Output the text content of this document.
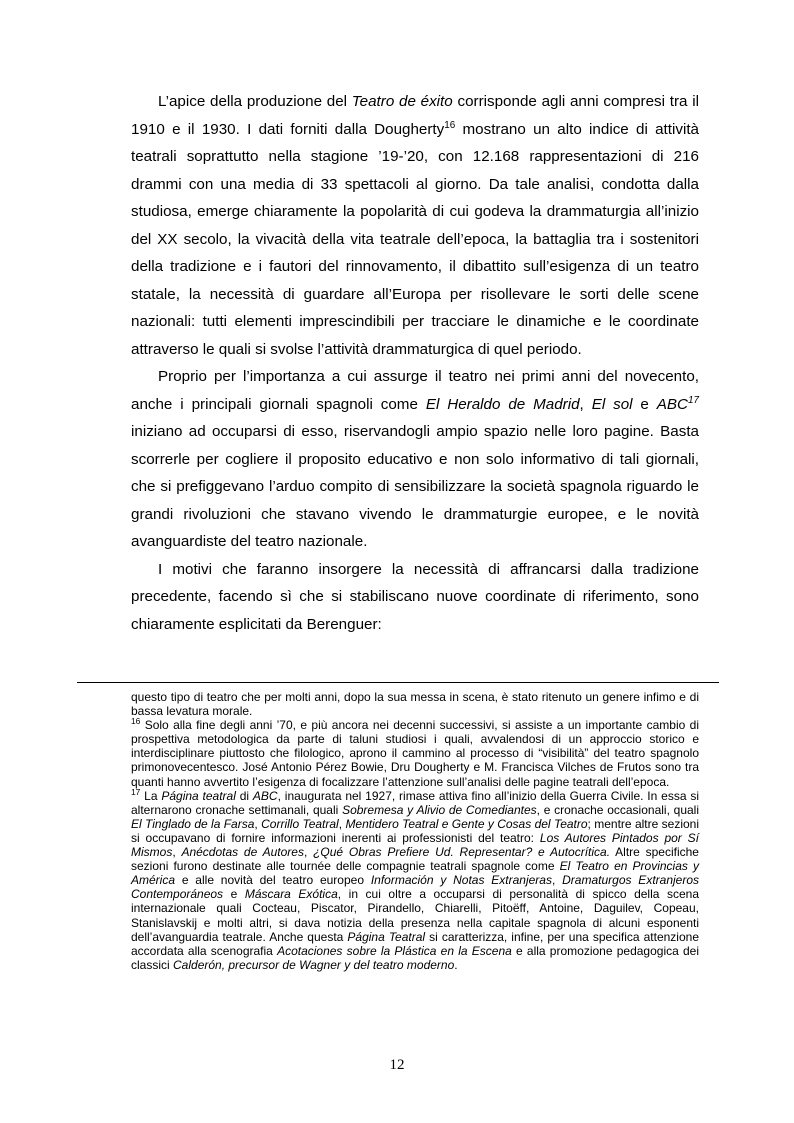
L’apice della produzione del Teatro de éxito corrisponde agli anni compresi tra il 1910 e il 1930. I dati forniti dalla Dougherty$^{16}$ mostrano un alto indice di attività teatrali soprattutto nella stagione ’19-’20, con 12.168 rappresentazioni di 216 drammi con una media di 33 spettacoli al giorno. Da tale analisi, condotta dalla studiosa, emerge chiaramente la popolarità di cui godeva la drammaturgia all’inizio del XX secolo, la vivacità della vita teatrale dell’epoca, la battaglia tra i sostenitori della tradizione e i fautori del rinnovamento, il dibattito sull’esigenza di un teatro statale, la necessità di guardare all’Europa per risollevare le sorti delle scene nazionali: tutti elementi imprescindibili per tracciare le dinamiche e le coordinate attraverso le quali si svolse l’attività drammaturgica di quel periodo.

Proprio per l’importanza a cui assurge il teatro nei primi anni del novecento, anche i principali giornali spagnoli come El Heraldo de Madrid, El sol e ABC$^{17}$ iniziano ad occuparsi di esso, riservandogli ampio spazio nelle loro pagine. Basta scorrerle per cogliere il proposito educativo e non solo informativo di tali giornali, che si prefiggevano l’arduo compito di sensibilizzare la società spagnola riguardo le grandi rivoluzioni che stavano vivendo le drammaturgie europee, e le novità avanguardiste del teatro nazionale.

I motivi che faranno insorgere la necessità di affrancarsi dalla tradizione precedente, facendo sì che si stabiliscano nuove coordinate di riferimento, sono chiaramente esplicitati da Berenguer:

questo tipo di teatro che per molti anni, dopo la sua messa in scena, è stato ritenuto un genere infimo e di bassa levatura morale.

$^{16}$ Solo alla fine degli anni ’70, e più ancora nei decenni successivi, si assiste a un importante cambio di prospettiva metodologica da parte di taluni studiosi i quali, avvalendosi di un approccio storico e interdisciplinare piuttosto che filologico, aprono il cammino al processo di “visibilità” del teatro spagnolo primonovecentesco. José Antonio Pérez Bowie, Dru Dougherty e M. Francisca Vilches de Frutos sono tra quanti hanno avvertito l’esigenza di focalizzare l’attenzione sull’analisi delle pagine teatrali dell’epoca.

$^{17}$ La Página teatral di ABC, inaugurata nel 1927, rimase attiva fino all’inizio della Guerra Civile. In essa si alternarono cronache settimanali, quali Sobremesa y Alivio de Comediantes, e cronache occasionali, quali El Tinglado de la Farsa, Corrillo Teatral, Mentidero Teatral e Gente y Cosas del Teatro; mentre altre sezioni si occupavano di fornire informazioni inerenti ai professionisti del teatro: Los Autores Pintados por Sí Mismos, Anécdotas de Autores, ¿Qué Obras Prefiere Ud. Representar? e Autocrítica. Altre specifiche sezioni furono destinate alle tournée delle compagnie teatrali spagnole come El Teatro en Provincias y América e alle novità del teatro europeo Información y Notas Extranjeras, Dramaturgos Extranjeros Contemporáneos e Máscara Exótica, in cui oltre a occuparsi di personalità di spicco della scena internazionale quali Cocteau, Piscator, Pirandello, Chiarelli, Pitoëff, Antoine, Daguilev, Copeau, Stanislavskij e molti altri, si dava notizia della presenza nella capitale spagnola di alcuni esponenti dell’avanguardia teatrale. Anche questa Página Teatral si caratterizza, infine, per una specifica attenzione accordata alla scenografia Acotaciones sobre la Plástica en la Escena e alla promozione pedagogica dei classici Calderón, precursor de Wagner y del teatro moderno.

12
